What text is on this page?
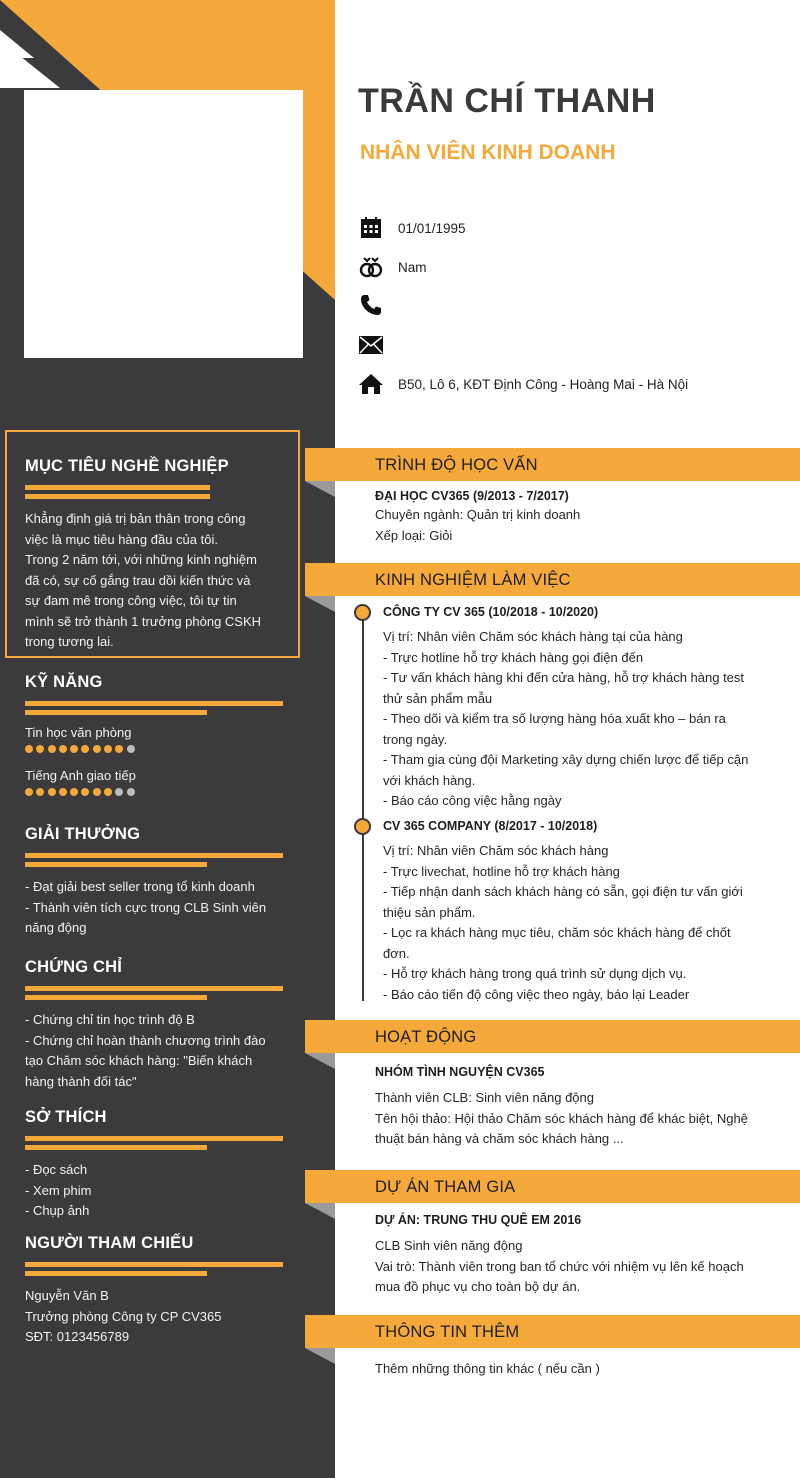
MỤC TIÊU NGHỀ NGHIỆP
Khẳng định giá trị bản thân trong công
việc là mục tiêu hàng đầu của tôi.
Trong 2 năm tới, với những kinh nghiệm
đã có, sự cố gắng trau dồi kiến thức và
sự đam mê trong công việc, tôi tự tin
mình sẽ trở thành 1 trưởng phòng CSKH
trong tương lai.
KỸ NĂNG
Tin học văn phòng
Tiếng Anh giao tiếp
GIẢI THƯỞNG
- Đạt giải best seller trong tổ kinh doanh
- Thành viên tích cực trong CLB Sinh viên
năng động
CHỨNG CHỈ
- Chứng chỉ tin học trình độ B
- Chứng chỉ hoàn thành chương trình đào
tạo Chăm sóc khách hàng: "Biến khách
hàng thành đối tác"
SỞ THÍCH
- Đọc sách
- Xem phim
- Chụp ảnh
NGƯỜI THAM CHIẾU
Nguyễn Văn B
Trưởng phòng Công ty CP CV365
SĐT: 0123456789
TRẦN CHÍ THANH
NHÂN VIÊN KINH DOANH
01/01/1995
Nam
B50, Lô 6, KĐT Định Công - Hoàng Mai - Hà Nội
TRÌNH ĐỘ HỌC VẤN
ĐẠI HỌC CV365 (9/2013 - 7/2017)
Chuyên ngành: Quản trị kinh doanh
Xếp loại: Giỏi
KINH NGHIỆM LÀM VIỆC
CÔNG TY CV 365 (10/2018 - 10/2020)
Vị trí: Nhân viên Chăm sóc khách hàng tại của hàng
- Trực hotline hỗ trợ khách hàng gọi điện đến
- Tư vấn khách hàng khi đến cửa hàng, hỗ trợ khách hàng test
thử sản phẩm mẫu
- Theo dõi và kiểm tra số lượng hàng hóa xuất kho – bán ra
trong ngày.
- Tham gia cùng đội Marketing xây dựng chiến lược để tiếp cận
với khách hàng.
- Báo cáo công việc hằng ngày
CV 365 COMPANY (8/2017 - 10/2018)
Vị trí: Nhân viên Chăm sóc khách hàng
- Trực livechat, hotline hỗ trợ khách hàng
- Tiếp nhận danh sách khách hàng có sẵn, gọi điện tư vấn giới
thiệu sản phẩm.
- Lọc ra khách hàng mục tiêu, chăm sóc khách hàng để chốt
đơn.
- Hỗ trợ khách hàng trong quá trình sử dụng dịch vụ.
- Báo cáo tiến độ công việc theo ngày, báo lại Leader
HOẠT ĐỘNG
NHÓM TÌNH NGUYỆN CV365
Thành viên CLB: Sinh viên năng động
Tên hội thảo: Hội thảo Chăm sóc khách hàng để khác biệt, Nghệ
thuật bán hàng và chăm sóc khách hàng ...
DỰ ÁN THAM GIA
DỰ ÁN: TRUNG THU QUÊ EM 2016
CLB Sinh viên năng động
Vai trò: Thành viên trong ban tổ chức với nhiệm vụ lên kế hoạch
mua đồ phục vụ cho toàn bộ dự án.
THÔNG TIN THÊM
Thêm những thông tin khác ( nếu cần )
